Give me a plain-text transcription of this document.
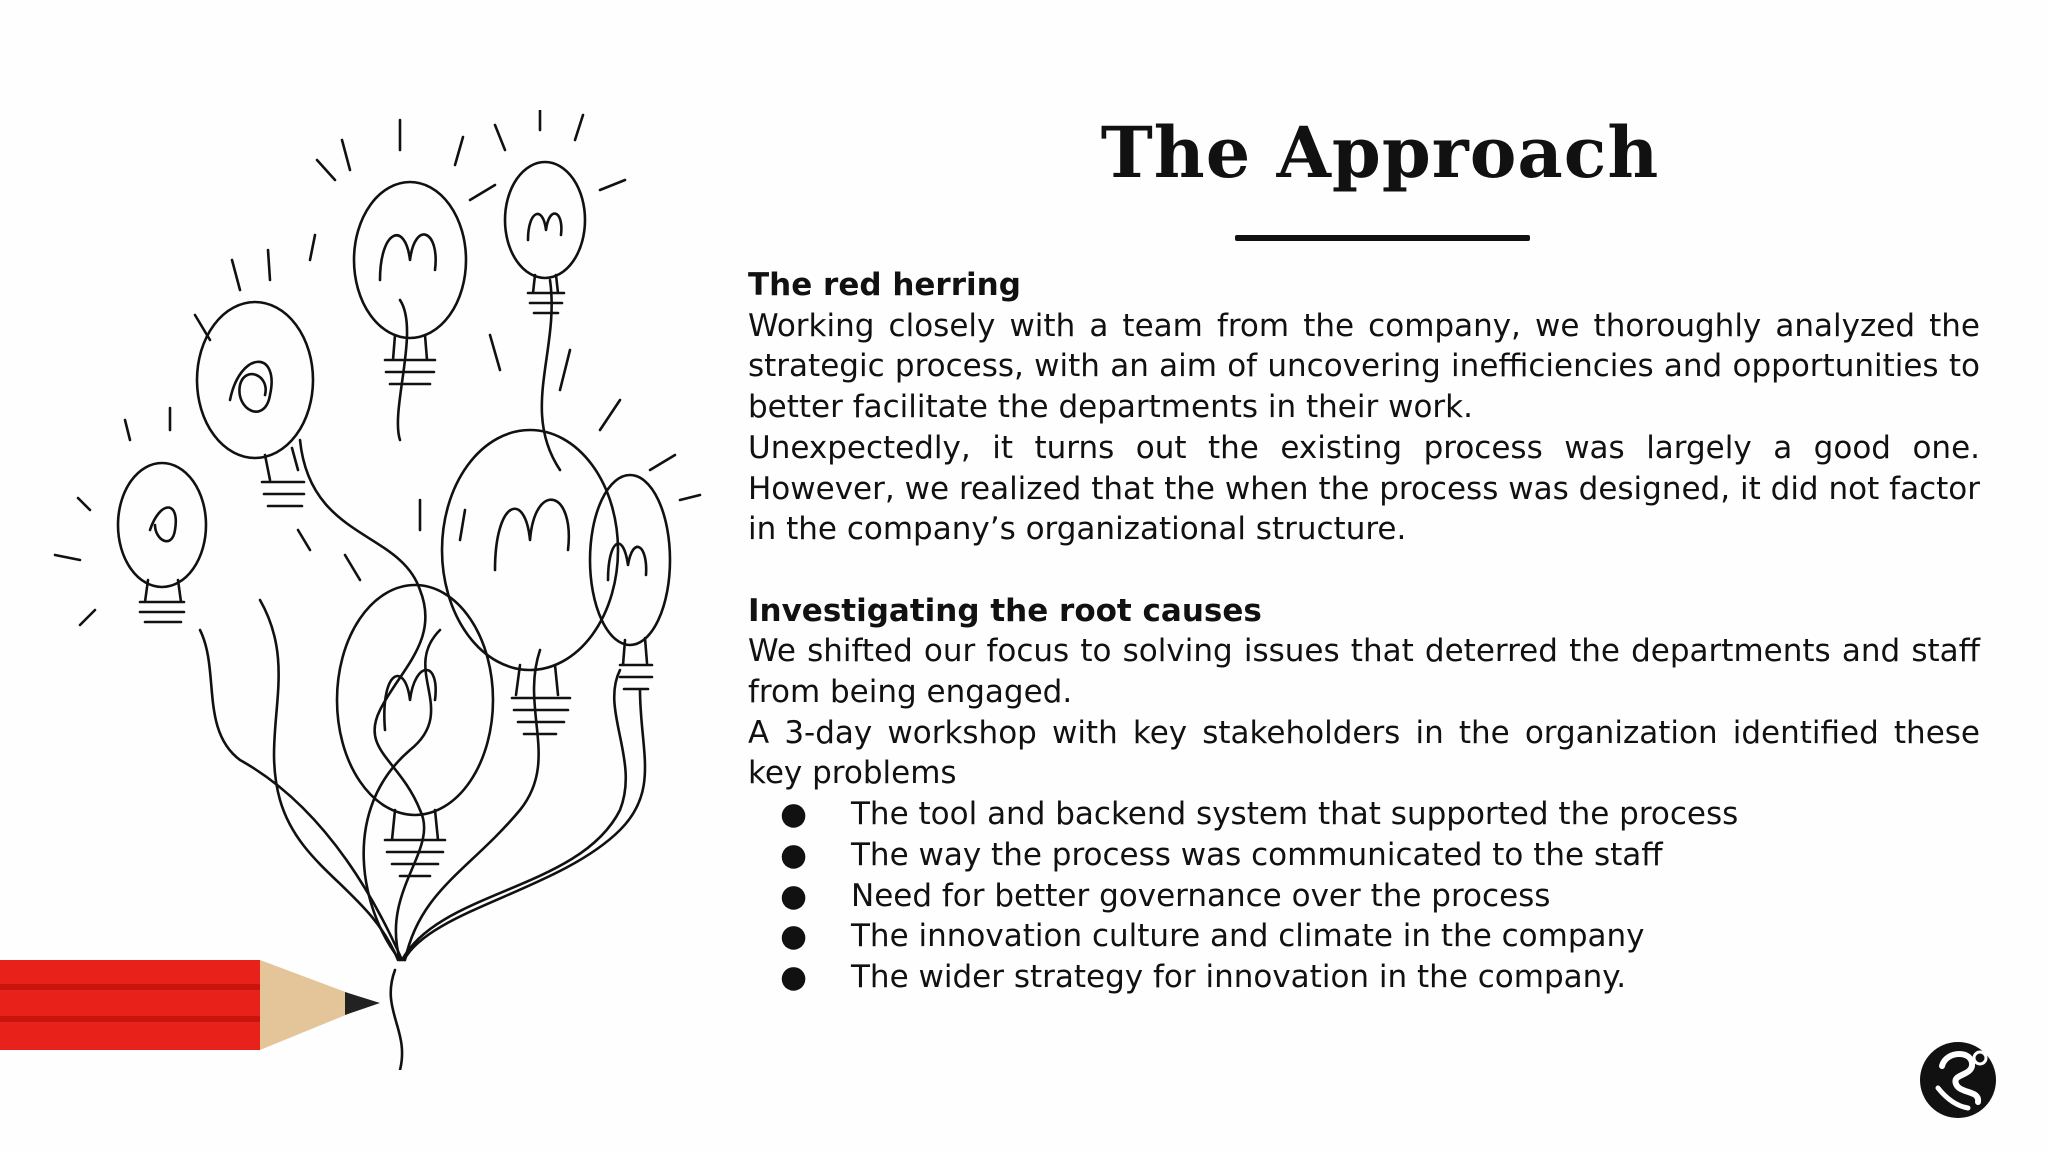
The Approach

The red herring

Working closely with a team from the company, we thoroughly analyzed the strategic process, with an aim of uncovering inefficiencies and opportunities to better facilitate the departments in their work.

Unexpectedly, it turns out the existing process was largely a good one. However, we realized that the when the process was designed, it did not factor in the company’s organizational structure.

Investigating the root causes

We shifted our focus to solving issues that deterred the departments and staff from being engaged.

A 3-day workshop with key stakeholders in the organization identified these key problems

● The tool and backend system that supported the process
● The way the process was communicated to the staff
● Need for better governance over the process
● The innovation culture and climate in the company
● The wider strategy for innovation in the company.
